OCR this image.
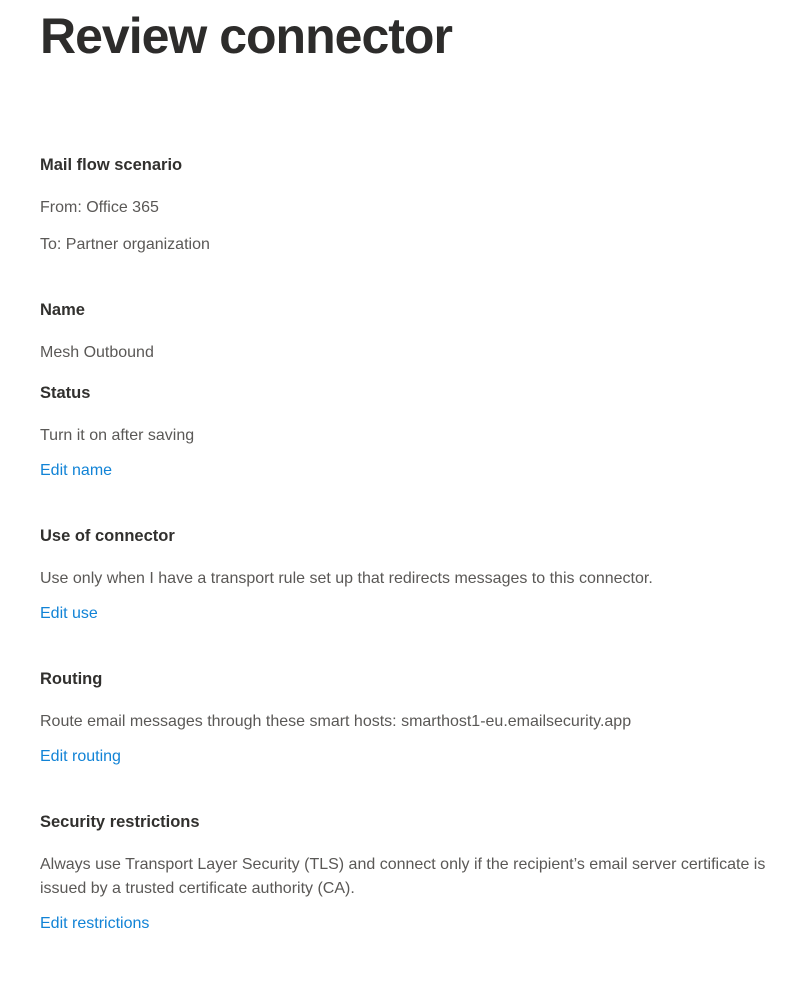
Review connector
Mail flow scenario

From: Office 365

To: Partner organization

Name

Mesh Outbound

Status

Turn it on after saving

Edit name

Use of connector

Use only when I have a transport rule set up that redirects messages to this connector.

Edit use

Routing

Route email messages through these smart hosts: smarthost1-eu.emailsecurity.app

Edit routing

Security restrictions

Always use Transport Layer Security (TLS) and connect only if the recipient’s email server certificate is issued by a trusted certificate authority (CA).

Edit restrictions
